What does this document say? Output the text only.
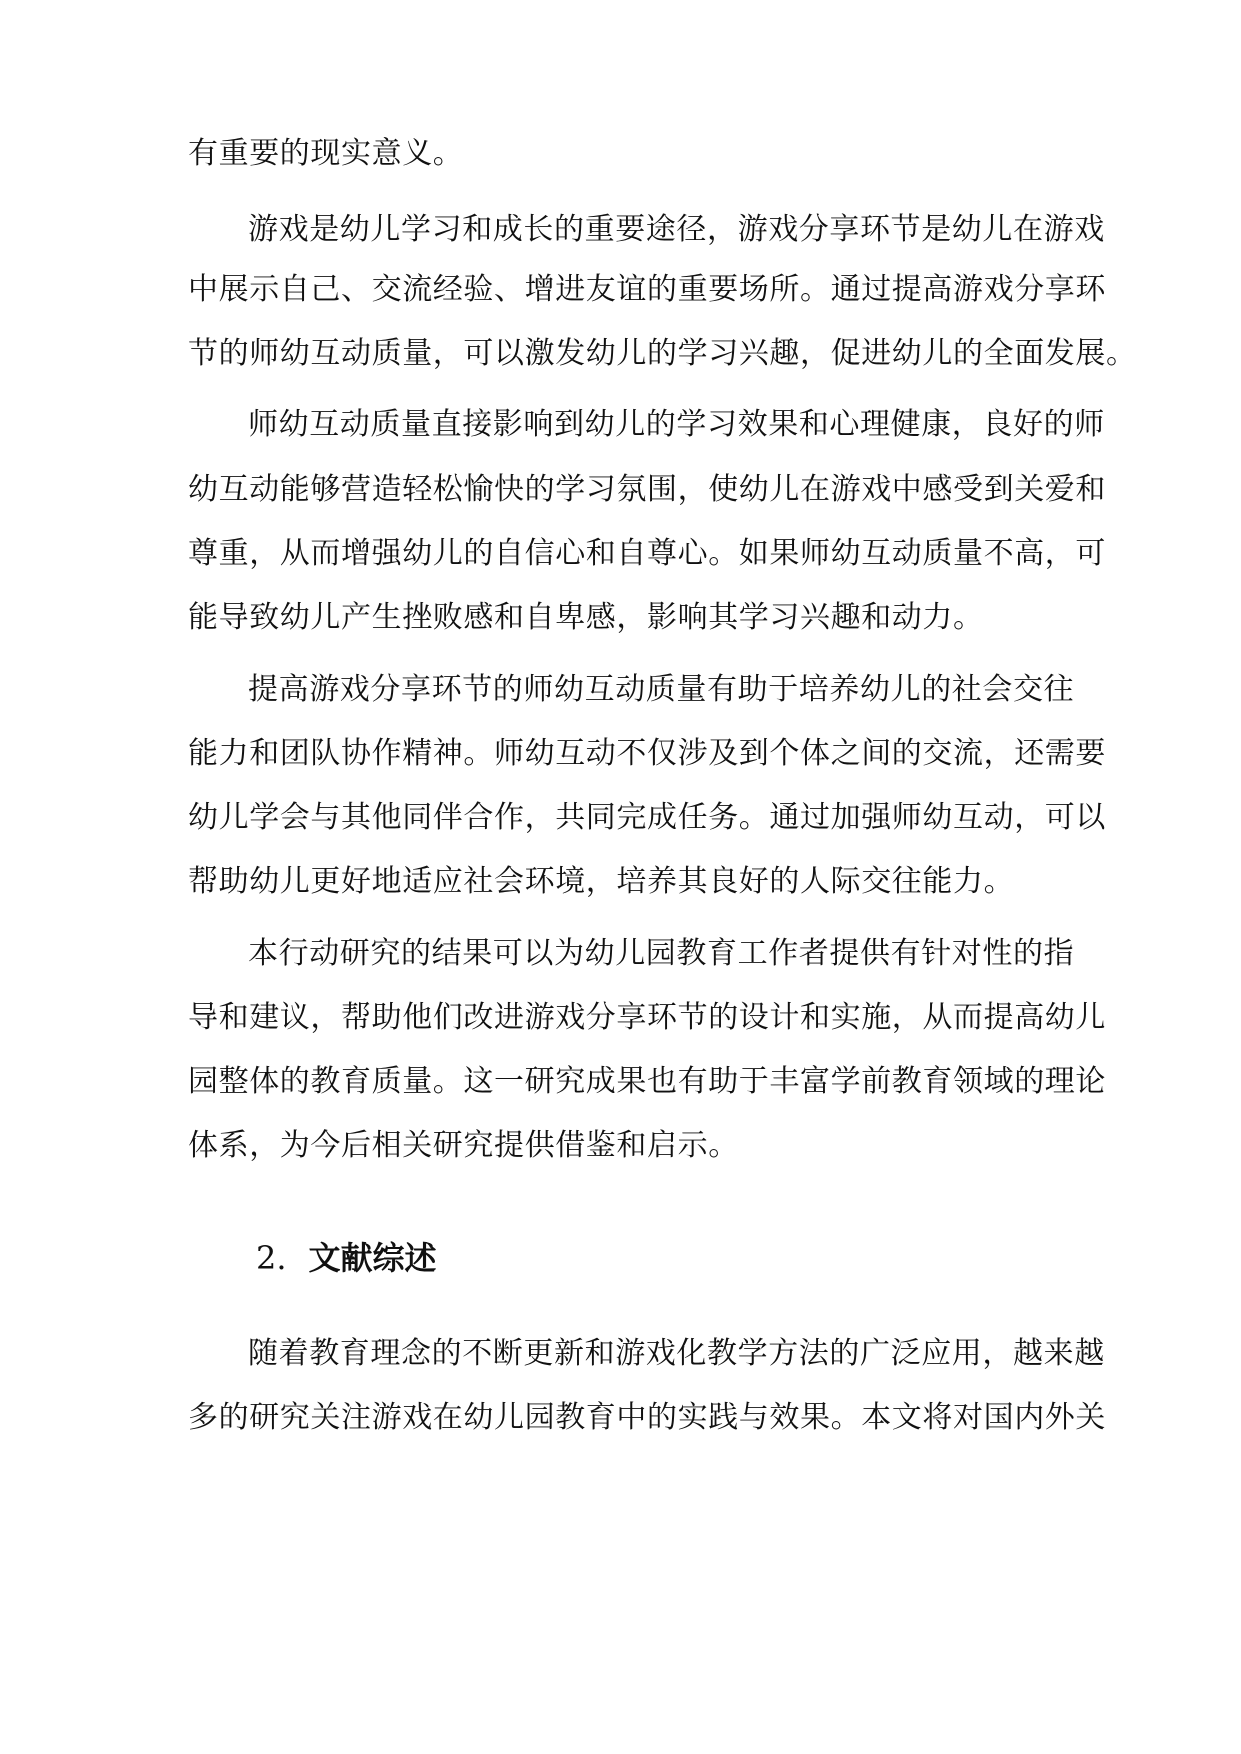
有重要的现实意义。
游戏是幼儿学习和成长的重要途径，游戏分享环节是幼儿在游戏
中展示自己、交流经验、增进友谊的重要场所。通过提高游戏分享环
节的师幼互动质量，可以激发幼儿的学习兴趣，促进幼儿的全面发展。
师幼互动质量直接影响到幼儿的学习效果和心理健康，良好的师
幼互动能够营造轻松愉快的学习氛围，使幼儿在游戏中感受到关爱和
尊重，从而增强幼儿的自信心和自尊心。如果师幼互动质量不高，可
能导致幼儿产生挫败感和自卑感，影响其学习兴趣和动力。
提高游戏分享环节的师幼互动质量有助于培养幼儿的社会交往
能力和团队协作精神。师幼互动不仅涉及到个体之间的交流，还需要
幼儿学会与其他同伴合作，共同完成任务。通过加强师幼互动，可以
帮助幼儿更好地适应社会环境，培养其良好的人际交往能力。
本行动研究的结果可以为幼儿园教育工作者提供有针对性的指
导和建议，帮助他们改进游戏分享环节的设计和实施，从而提高幼儿
园整体的教育质量。这一研究成果也有助于丰富学前教育领域的理论
体系，为今后相关研究提供借鉴和启示。
2. 文献综述
随着教育理念的不断更新和游戏化教学方法的广泛应用，越来越
多的研究关注游戏在幼儿园教育中的实践与效果。本文将对国内外关
